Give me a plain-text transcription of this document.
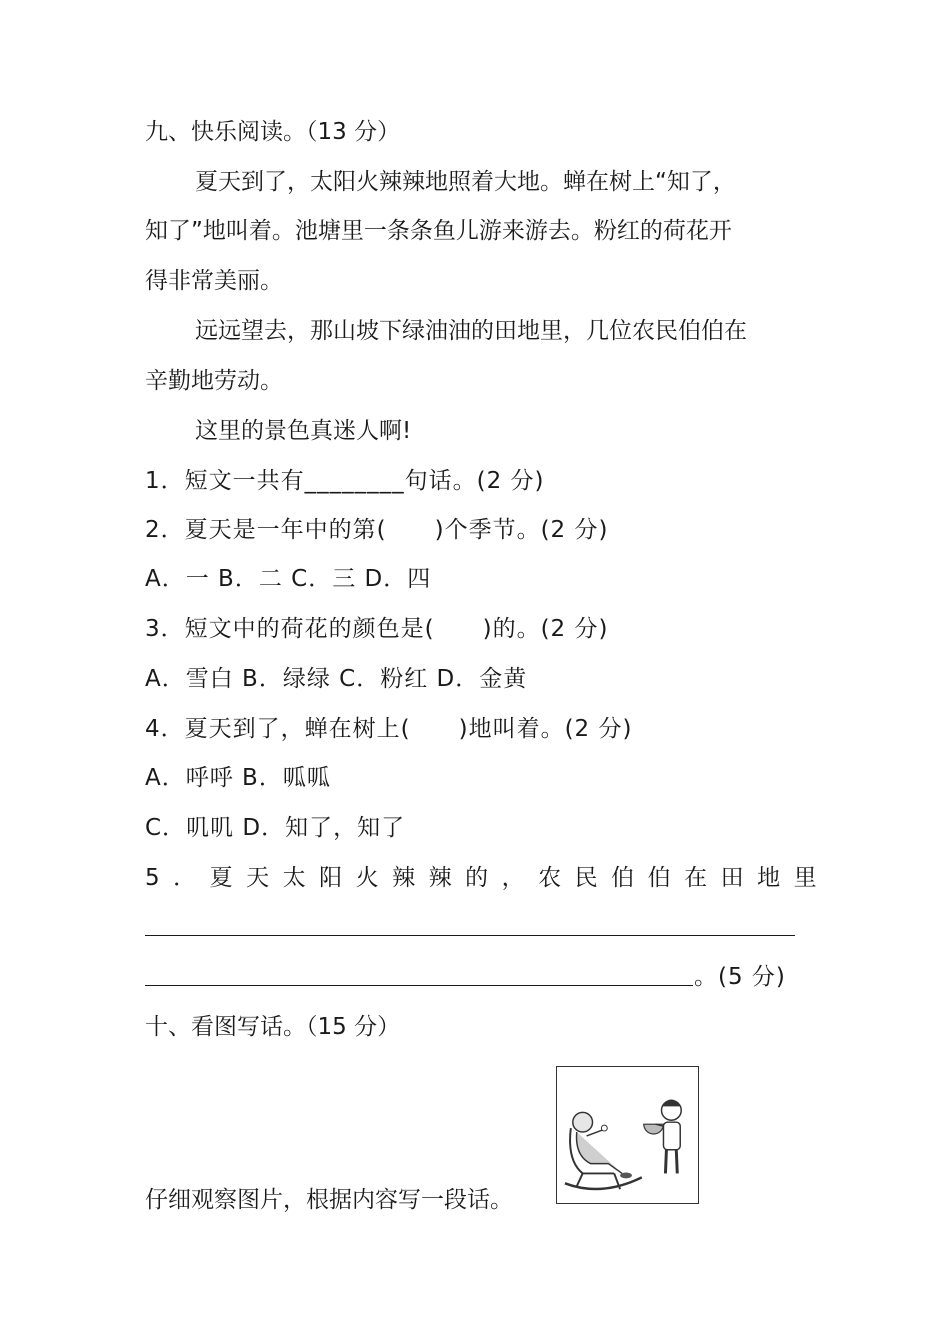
九、快乐阅读。（13 分）
夏天到了，太阳火辣辣地照着大地。蝉在树上“知了，
知了”地叫着。池塘里一条条鱼儿游来游去。粉红的荷花开
得非常美丽。
远远望去，那山坡下绿油油的田地里，几位农民伯伯在
辛勤地劳动。
这里的景色真迷人啊!
1．短文一共有________句话。(2 分)
2．夏天是一年中的第(　　)个季节。(2 分)
A．一 B．二 C．三 D．四
3．短文中的荷花的颜色是(　　)的。(2 分)
A．雪白 B．绿绿 C．粉红 D．金黄
4．夏天到了，蝉在树上(　　)地叫着。(2 分)
A．呼呼 B．呱呱
C．叽叽 D．知了，知了
5．夏天太阳火辣辣的，农民伯伯在田地里
。(5 分)
十、看图写话。（15 分）
仔细观察图片，根据内容写一段话。
